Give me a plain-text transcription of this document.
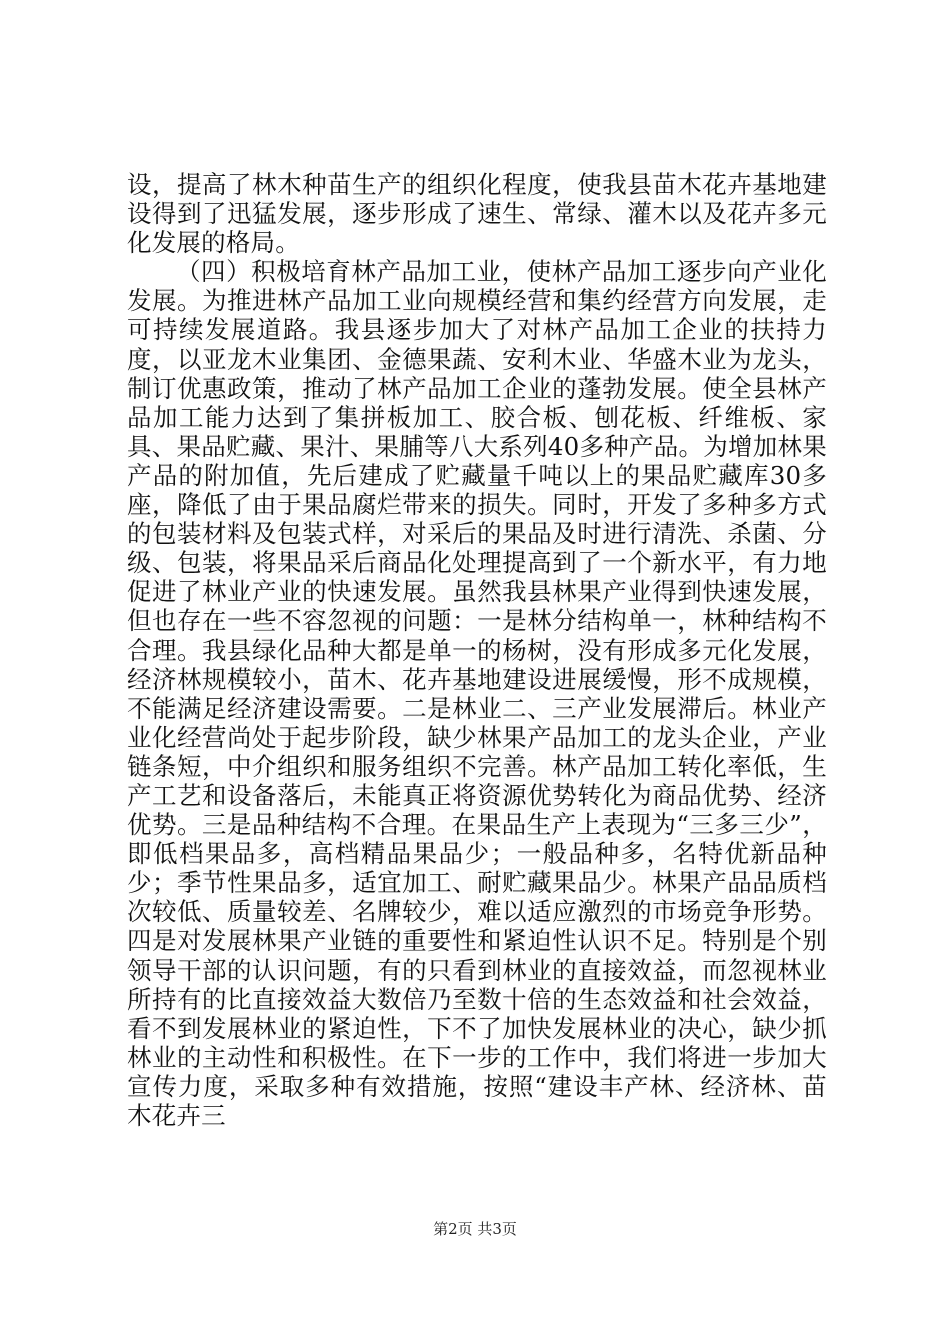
设，提高了林木种苗生产的组织化程度，使我县苗木花卉基地建设得到了迅猛发展，逐步形成了速生、常绿、灌木以及花卉多元化发展的格局。

（四）积极培育林产品加工业，使林产品加工逐步向产业化发展。为推进林产品加工业向规模经营和集约经营方向发展，走可持续发展道路。我县逐步加大了对林产品加工企业的扶持力度，以亚龙木业集团、金德果蔬、安利木业、华盛木业为龙头，制订优惠政策，推动了林产品加工企业的蓬勃发展。使全县林产品加工能力达到了集拼板加工、胶合板、刨花板、纤维板、家具、果品贮藏、果汁、果脯等八大系列40多种产品。为增加林果产品的附加值，先后建成了贮藏量千吨以上的果品贮藏库30多座，降低了由于果品腐烂带来的损失。同时，开发了多种多方式的包装材料及包装式样，对采后的果品及时进行清洗、杀菌、分级、包装，将果品采后商品化处理提高到了一个新水平，有力地促进了林业产业的快速发展。虽然我县林果产业得到快速发展，但也存在一些不容忽视的问题：一是林分结构单一，林种结构不合理。我县绿化品种大都是单一的杨树，没有形成多元化发展，经济林规模较小，苗木、花卉基地建设进展缓慢，形不成规模，不能满足经济建设需要。二是林业二、三产业发展滞后。林业产业化经营尚处于起步阶段，缺少林果产品加工的龙头企业，产业链条短，中介组织和服务组织不完善。林产品加工转化率低，生产工艺和设备落后，未能真正将资源优势转化为商品优势、经济优势。三是品种结构不合理。在果品生产上表现为“三多三少”，即低档果品多，高档精品果品少；一般品种多，名特优新品种少；季节性果品多，适宜加工、耐贮藏果品少。林果产品品质档次较低、质量较差、名牌较少，难以适应激烈的市场竞争形势。四是对发展林果产业链的重要性和紧迫性认识不足。特别是个别领导干部的认识问题，有的只看到林业的直接效益，而忽视林业所持有的比直接效益大数倍乃至数十倍的生态效益和社会效益，看不到发展林业的紧迫性，下不了加快发展林业的决心，缺少抓林业的主动性和积极性。在下一步的工作中，我们将进一步加大宣传力度，采取多种有效措施，按照“建设丰产林、经济林、苗木花卉三

第2页 共3页
